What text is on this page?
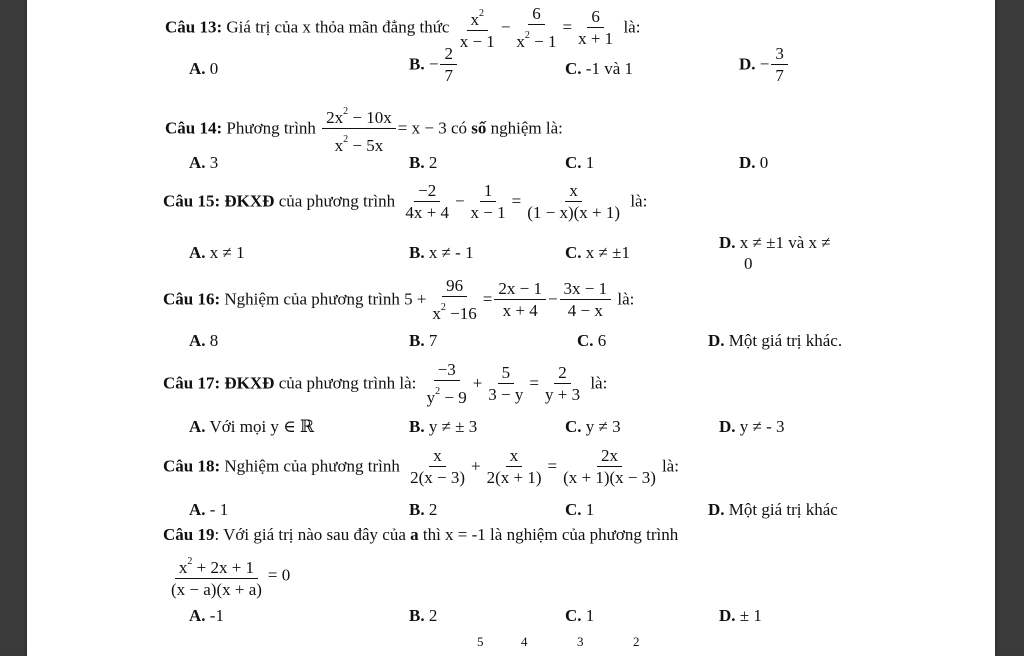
Câu 13: Giá trị của x thỏa mãn đẳng thức $\frac{x^2}{x - 1} - \frac{6}{x^2 - 1} = \frac{6}{x + 1}$ là:
A. 0	B. − $\frac{2}{7}$	C. -1 và 1	D. − $\frac{3}{7}$
Câu 14: Phương trình $\frac{2x^2 - 10x}{x^2 - 5x} = x - 3$ có số nghiệm là:
A. 3	B. 2	C. 1	D. 0
Câu 15: ĐKXĐ của phương trình $\frac{-2}{4x + 4} - \frac{1}{x - 1} = \frac{x}{(1 - x)(x + 1)}$ là:
A. x ≠ 1	B. x ≠ - 1	C. x ≠ ±1
D. x ≠ ±1 và x ≠
0
Câu 16: Nghiệm của phương trình $5 + \frac{96}{x^2 -16} = \frac{2x - 1}{x + 4} - \frac{3x - 1}{4 - x}$ là:
A. 8	B. 7	C. 6	D. Một giá trị khác.
Câu 17: ĐKXĐ của phương trình là: $\frac{-3}{y^2 - 9} + \frac{5}{3 - y} = \frac{2}{y + 3}$ là:
A. Với mọi y ∈ ℝ	B. y ≠ ± 3	C. y ≠ 3	D. y ≠ - 3
Câu 18: Nghiệm của phương trình $\frac{x}{2(x - 3)} + \frac{x}{2(x + 1)} = \frac{2x}{(x + 1)(x - 3)}$ là:
A. - 1	B. 2	C. 1	D. Một giá trị khác
Câu 19: Với giá trị nào sau đây của a thì x = -1 là nghiệm của phương trình
$\frac{x^2 + 2x + 1}{(x - a)(x + a)} = 0$
A. -1	B. 2	C. 1	D. ± 1
5	4	3	2
